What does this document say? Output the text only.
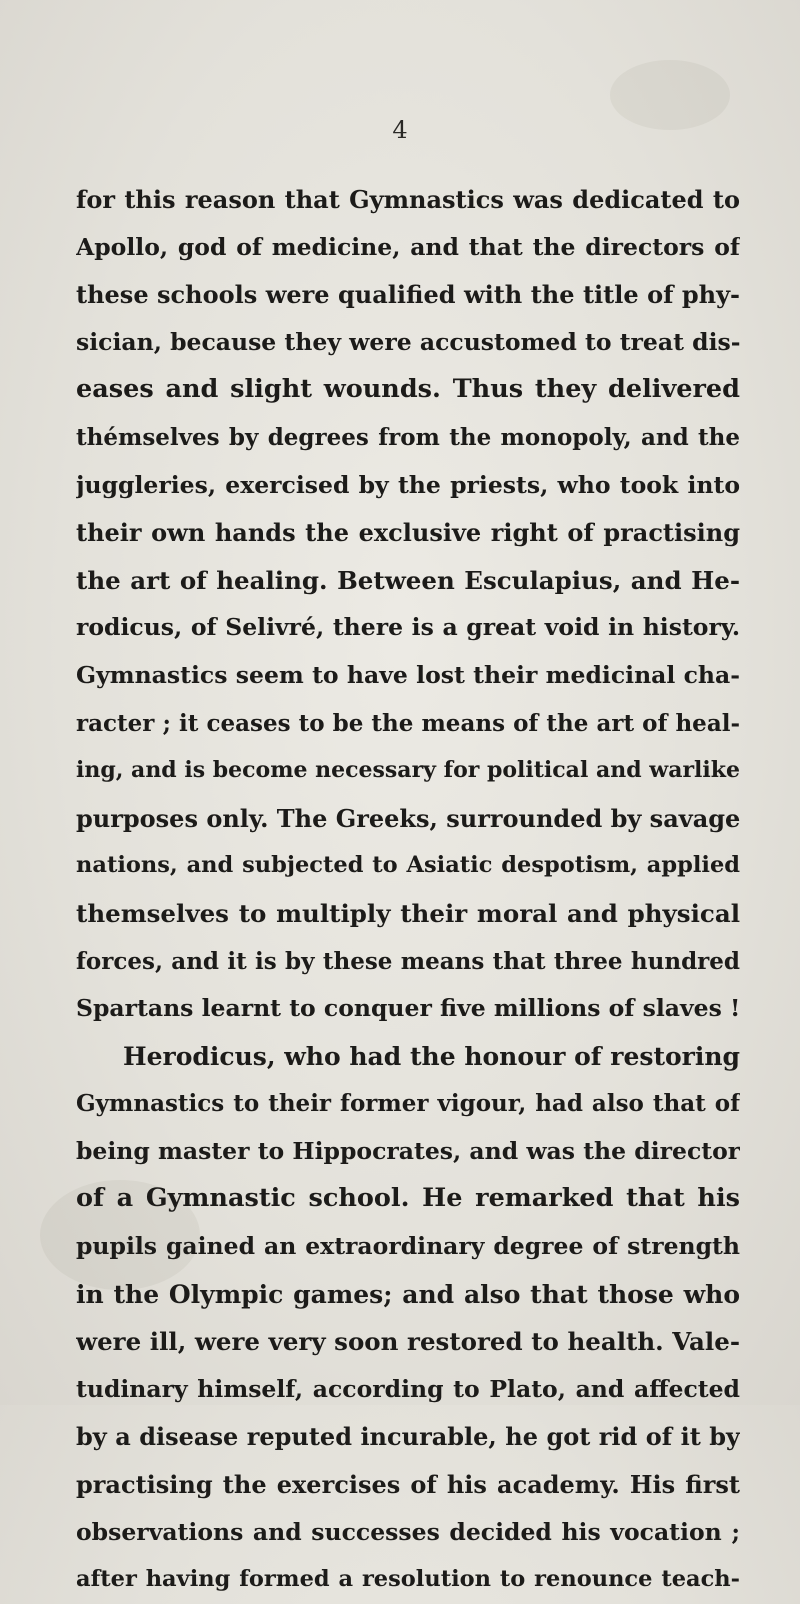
4
for this reason that Gymnastics was dedicated to
Apollo, god of medicine, and that the directors of
these schools were qualified with the title of phy-
sician, because they were accustomed to treat dis-
eases and slight wounds. Thus they delivered
thémselves by degrees from the monopoly, and the
juggleries, exercised by the priests, who took into
their own hands the exclusive right of practising
the art of healing. Between Esculapius, and He-
rodicus, of Selivré, there is a great void in history.
Gymnastics seem to have lost their medicinal cha-
racter ; it ceases to be the means of the art of heal-
ing, and is become necessary for political and warlike
purposes only. The Greeks, surrounded by savage
nations, and subjected to Asiatic despotism, applied
themselves to multiply their moral and physical
forces, and it is by these means that three hundred
Spartans learnt to conquer five millions of slaves !
Herodicus, who had the honour of restoring
Gymnastics to their former vigour, had also that of
being master to Hippocrates, and was the director
of a Gymnastic school. He remarked that his
pupils gained an extraordinary degree of strength
in the Olympic games; and also that those who
were ill, were very soon restored to health. Vale-
tudinary himself, according to Plato, and affected
by a disease reputed incurable, he got rid of it by
practising the exercises of his academy. His first
observations and successes decided his vocation ;
after having formed a resolution to renounce teach-
